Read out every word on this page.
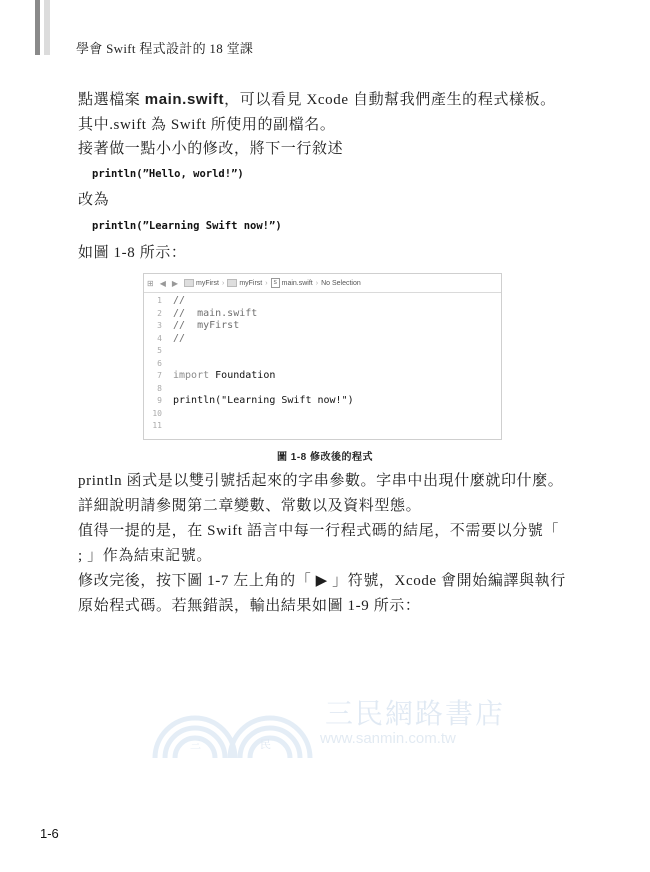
學會 Swift 程式設計的 18 堂課

點選檔案 main.swift，可以看見 Xcode 自動幫我們產生的程式樣板。其中.swift 為 Swift 所使用的副檔名。

接著做一點小小的修改，將下一行敘述

println(”Hello, world!”)

改為

println(”Learning Swift now!”)

如圖 1-8 所示：

⊞ ◀ ▶	myFirst › myFirst ›	S main.swift › No Selection
1 //
2 //  main.swift
3 //  myFirst
4 //
5
6
7 import
Foundation
8
9 println("Learning Swift now!")
10
11
圖 1-8 修改後的程式

println 函式是以雙引號括起來的字串參數。字串中出現什麼就印什麼。詳細說明請參閱第二章變數、常數以及資料型態。

值得一提的是，在 Swift 語言中每一行程式碼的結尾，不需要以分號「 ; 」作為結束記號。

修改完後，按下圖 1-7 左上角的「 ▶ 」符號，Xcode 會開始編譯與執行原始程式碼。若無錯誤，輸出結果如圖 1-9 所示：

三	民
三民網路書店
www.sanmin.com.tw
1-6
